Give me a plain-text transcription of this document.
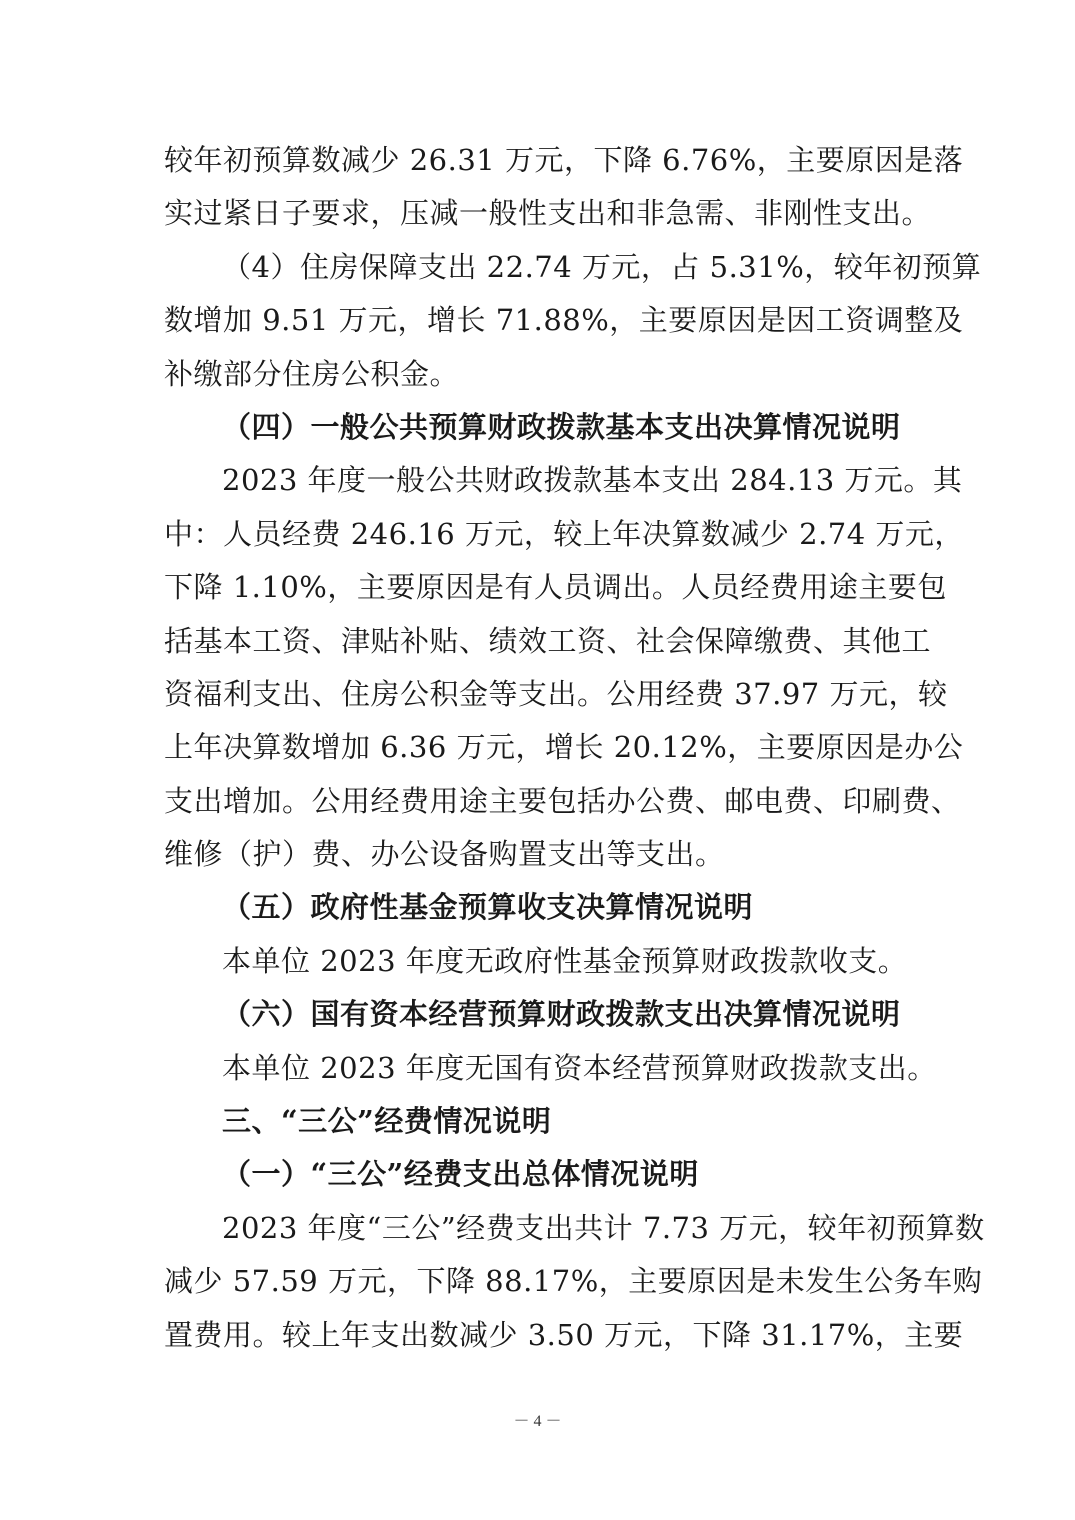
较年初预算数减少 26.31 万元，下降 6.76%，主要原因是落
实过紧日子要求，压减一般性支出和非急需、非刚性支出。
（4）住房保障支出 22.74 万元，占 5.31%，较年初预算
数增加 9.51 万元，增长 71.88%，主要原因是因工资调整及
补缴部分住房公积金。
（四）一般公共预算财政拨款基本支出决算情况说明
2023 年度一般公共财政拨款基本支出 284.13 万元。其
中：人员经费 246.16 万元，较上年决算数减少 2.74 万元，
下降 1.10%，主要原因是有人员调出。人员经费用途主要包
括基本工资、津贴补贴、绩效工资、社会保障缴费、其他工
资福利支出、住房公积金等支出。公用经费 37.97 万元，较
上年决算数增加 6.36 万元，增长 20.12%，主要原因是办公
支出增加。公用经费用途主要包括办公费、邮电费、印刷费、
维修（护）费、办公设备购置支出等支出。
（五）政府性基金预算收支决算情况说明
本单位 2023 年度无政府性基金预算财政拨款收支。
（六）国有资本经营预算财政拨款支出决算情况说明
本单位 2023 年度无国有资本经营预算财政拨款支出。
三、“三公”经费情况说明
（一）“三公”经费支出总体情况说明
2023 年度“三公”经费支出共计 7.73 万元，较年初预算数
减少 57.59 万元，下降 88.17%，主要原因是未发生公务车购
置费用。较上年支出数减少 3.50 万元，下降 31.17%，主要
－ 4 －
